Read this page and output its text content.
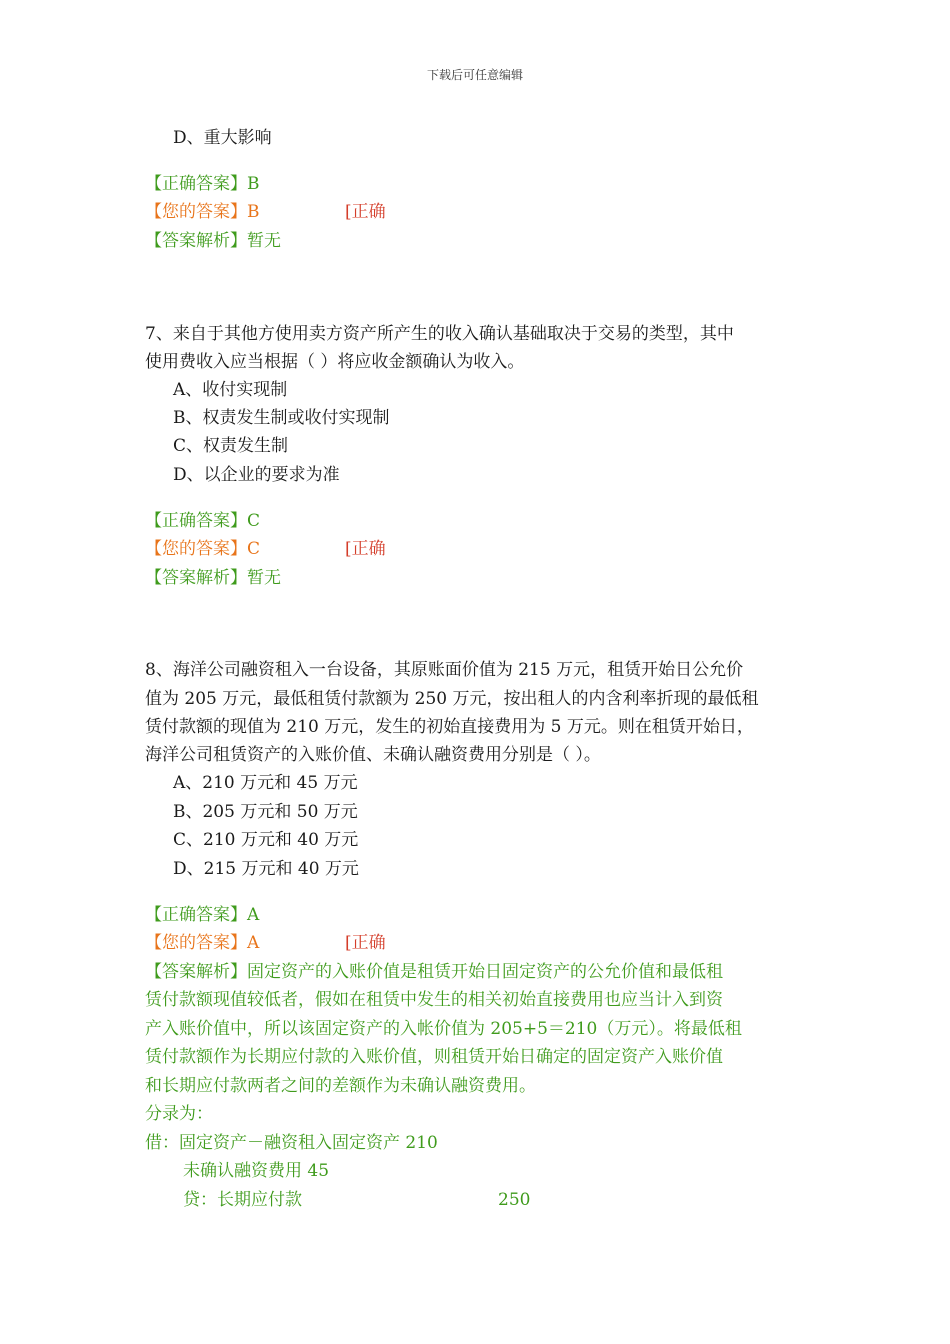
下载后可任意编辑
D、重大影响
【正确答案】B
【您的答案】B	[正确
【答案解析】暂无
7、来自于其他方使用卖方资产所产生的收入确认基础取决于交易的类型，其中
使用费收入应当根据（ ）将应收金额确认为收入。
A、收付实现制
B、权责发生制或收付实现制
C、权责发生制
D、以企业的要求为准
【正确答案】C
【您的答案】C	[正确
【答案解析】暂无
8、海洋公司融资租入一台设备，其原账面价值为 215 万元，租赁开始日公允价
值为 205 万元，最低租赁付款额为 250 万元，按出租人的内含利率折现的最低租
赁付款额的现值为 210 万元，发生的初始直接费用为 5 万元。则在租赁开始日，
海洋公司租赁资产的入账价值、未确认融资费用分别是（ ）。
A、210 万元和 45 万元
B、205 万元和 50 万元
C、210 万元和 40 万元
D、215 万元和 40 万元
【正确答案】A
【您的答案】A	[正确
【答案解析】固定资产的入账价值是租赁开始日固定资产的公允价值和最低租
赁付款额现值较低者，假如在租赁中发生的相关初始直接费用也应当计入到资
产入账价值中，所以该固定资产的入帐价值为 205+5＝210（万元）。将最低租
赁付款额作为长期应付款的入账价值，则租赁开始日确定的固定资产入账价值
和长期应付款两者之间的差额作为未确认融资费用。
分录为：
借：固定资产－融资租入固定资产 210
未确认融资费用 45
贷：长期应付款	250
